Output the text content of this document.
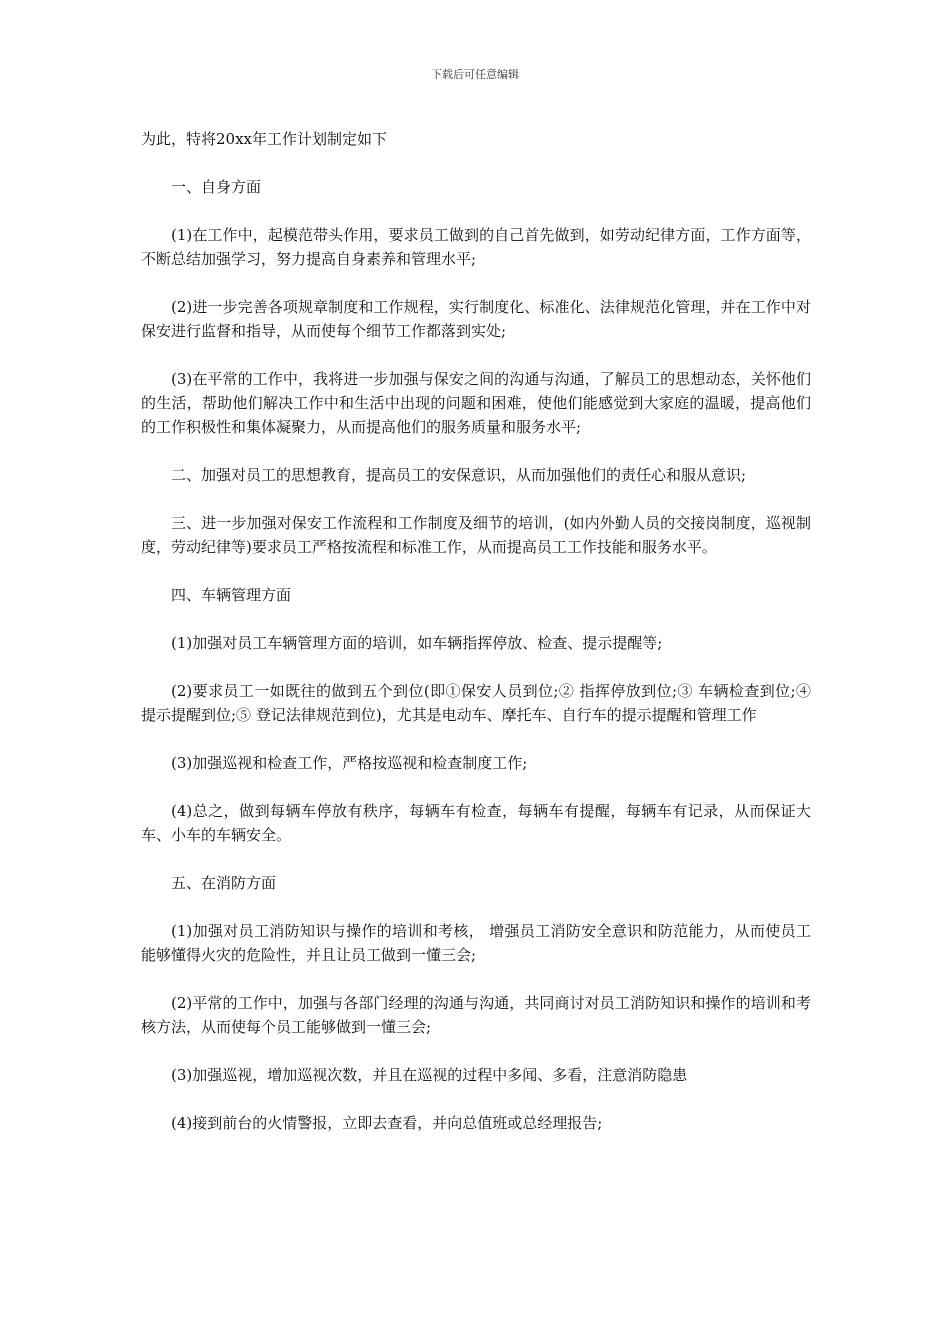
下载后可任意编辑

为此，特将20xx年工作计划制定如下

一、自身方面

(1)在工作中，起模范带头作用，要求员工做到的自己首先做到，如劳动纪律方面，工作方面等，不断总结加强学习，努力提高自身素养和管理水平;

(2)进一步完善各项规章制度和工作规程，实行制度化、标准化、法律规范化管理，并在工作中对保安进行监督和指导，从而使每个细节工作都落到实处;

(3)在平常的工作中，我将进一步加强与保安之间的沟通与沟通，了解员工的思想动态，关怀他们的生活，帮助他们解决工作中和生活中出现的问题和困难，使他们能感觉到大家庭的温暖，提高他们的工作积极性和集体凝聚力，从而提高他们的服务质量和服务水平;

二、加强对员工的思想教育，提高员工的安保意识，从而加强他们的责任心和服从意识;

三、进一步加强对保安工作流程和工作制度及细节的培训，(如内外勤人员的交接岗制度，巡视制度，劳动纪律等)要求员工严格按流程和标准工作，从而提高员工工作技能和服务水平。

四、车辆管理方面

(1)加强对员工车辆管理方面的培训，如车辆指挥停放、检查、提示提醒等;

(2)要求员工一如既往的做到五个到位(即①保安人员到位;② 指挥停放到位;③ 车辆检查到位;④ 提示提醒到位;⑤ 登记法律规范到位)，尤其是电动车、摩托车、自行车的提示提醒和管理工作

(3)加强巡视和检查工作，严格按巡视和检查制度工作;

(4)总之，做到每辆车停放有秩序，每辆车有检查，每辆车有提醒，每辆车有记录，从而保证大车、小车的车辆安全。

五、在消防方面

(1)加强对员工消防知识与操作的培训和考核， 增强员工消防安全意识和防范能力，从而使员工能够懂得火灾的危险性，并且让员工做到一懂三会;

(2)平常的工作中，加强与各部门经理的沟通与沟通，共同商讨对员工消防知识和操作的培训和考核方法，从而使每个员工能够做到一懂三会;

(3)加强巡视，增加巡视次数，并且在巡视的过程中多闻、多看，注意消防隐患

(4)接到前台的火情警报，立即去查看，并向总值班或总经理报告;
